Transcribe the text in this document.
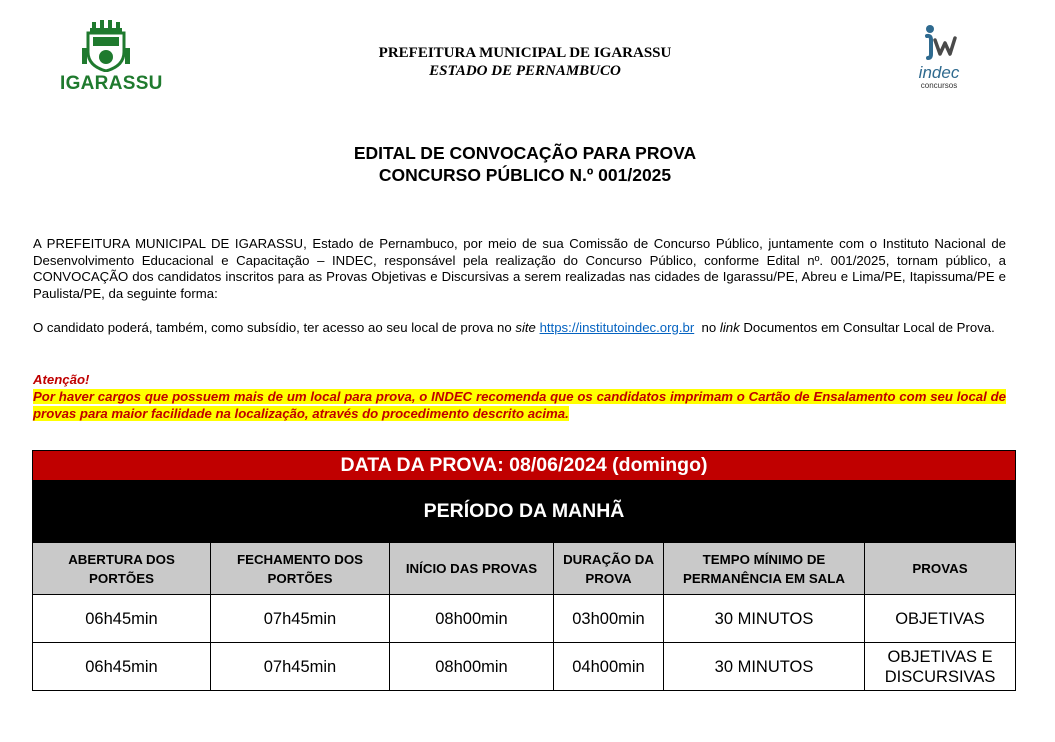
IGARASSU
PREFEITURA MUNICIPAL DE IGARASSU
ESTADO DE PERNAMBUCO	indec
concursos
EDITAL DE CONVOCAÇÃO PARA PROVA
CONCURSO PÚBLICO N.º 001/2025
A PREFEITURA MUNICIPAL DE IGARASSU, Estado de Pernambuco, por meio de sua Comissão de Concurso Público, juntamente com o Instituto Nacional de Desenvolvimento Educacional e Capacitação – INDEC, responsável pela realização do Concurso Público, conforme Edital nº. 001/2025, tornam público, a CONVOCAÇÃO dos candidatos inscritos para as Provas Objetivas e Discursivas a serem realizadas nas cidades de Igarassu/PE, Abreu e Lima/PE, Itapissuma/PE e Paulista/PE, da seguinte forma:
O candidato poderá, também, como subsídio, ter acesso ao seu local de prova no site https://institutoindec.org.br  no link Documentos em Consultar Local de Prova.
Atenção!
Por haver cargos que possuem mais de um local para prova, o INDEC recomenda que os candidatos imprimam o Cartão de Ensalamento com seu local de provas para maior facilidade na localização, através do procedimento descrito acima.
DATA DA PROVA: 08/06/2024 (domingo)					
PERÍODO DA MANHÃ					
ABERTURA DOS PORTÕES	FECHAMENTO DOS PORTÕES	INÍCIO DAS PROVAS	DURAÇÃO DA PROVA	TEMPO MÍNIMO DE PERMANÊNCIA EM SALA	PROVAS
06h45min	07h45min	08h00min	03h00min	30 MINUTOS	OBJETIVAS
06h45min	07h45min	08h00min	04h00min	30 MINUTOS	OBJETIVAS E DISCURSIVAS
